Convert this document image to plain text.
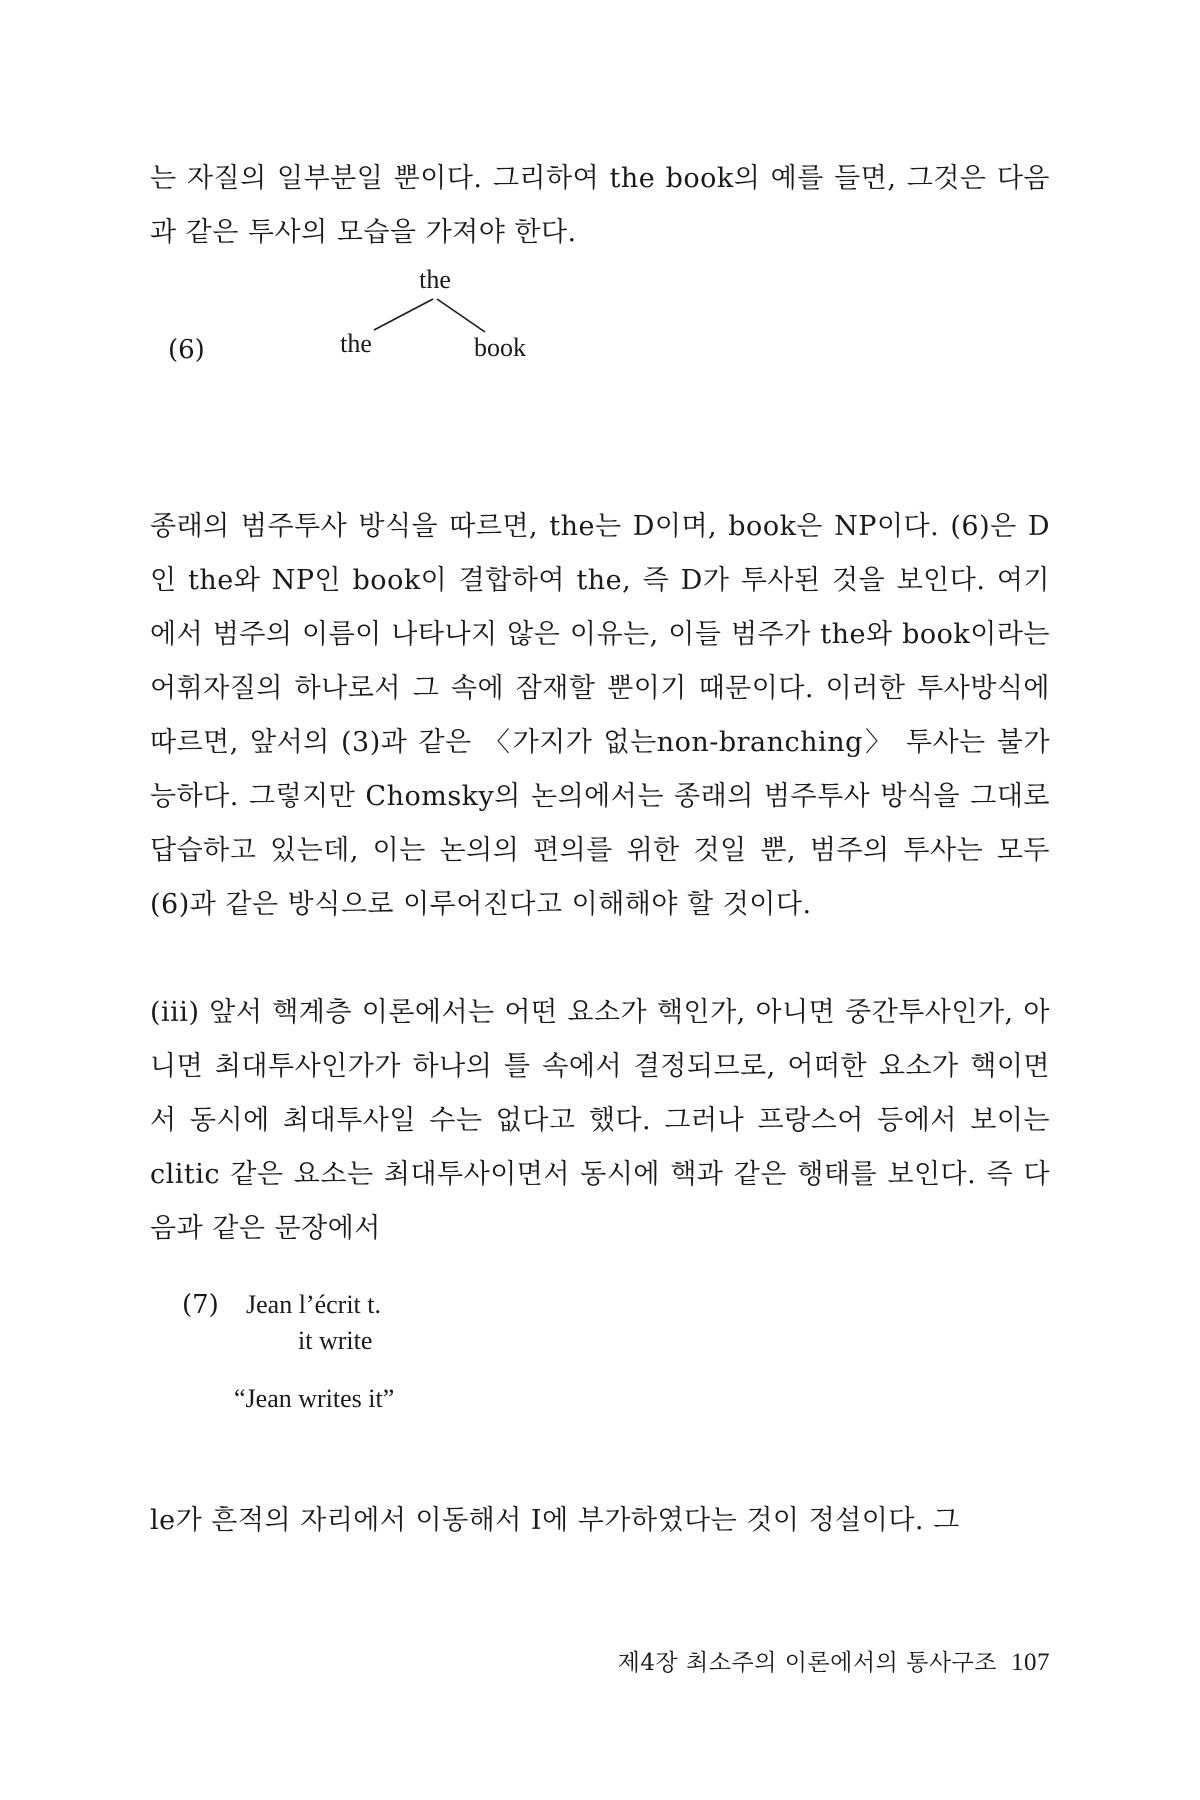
는 자질의 일부분일 뿐이다. 그리하여 the book의 예를 들면, 그것은 다음과 같은 투사의 모습을 가져야 한다.

(6)
the
the	book

종래의 범주투사 방식을 따르면, the는 D이며, book은 NP이다. (6)은 D인 the와 NP인 book이 결합하여 the, 즉 D가 투사된 것을 보인다. 여기에서 범주의 이름이 나타나지 않은 이유는, 이들 범주가 the와 book이라는 어휘자질의 하나로서 그 속에 잠재할 뿐이기 때문이다. 이러한 투사방식에 따르면, 앞서의 (3)과 같은 〈가지가 없는non-branching〉 투사는 불가능하다. 그렇지만 Chomsky의 논의에서는 종래의 범주투사 방식을 그대로 답습하고 있는데, 이는 논의의 편의를 위한 것일 뿐, 범주의 투사는 모두 (6)과 같은 방식으로 이루어진다고 이해해야 할 것이다.

(iii) 앞서 핵계층 이론에서는 어떤 요소가 핵인가, 아니면 중간투사인가, 아니면 최대투사인가가 하나의 틀 속에서 결정되므로, 어떠한 요소가 핵이면서 동시에 최대투사일 수는 없다고 했다. 그러나 프랑스어 등에서 보이는 clitic 같은 요소는 최대투사이면서 동시에 핵과 같은 행태를 보인다. 즉 다음과 같은 문장에서

(7) Jean l’écrit t.
it write
“Jean writes it”

le가 흔적의 자리에서 이동해서 I에 부가하였다는 것이 정설이다. 그

제4장 최소주의 이론에서의 통사구조 107
